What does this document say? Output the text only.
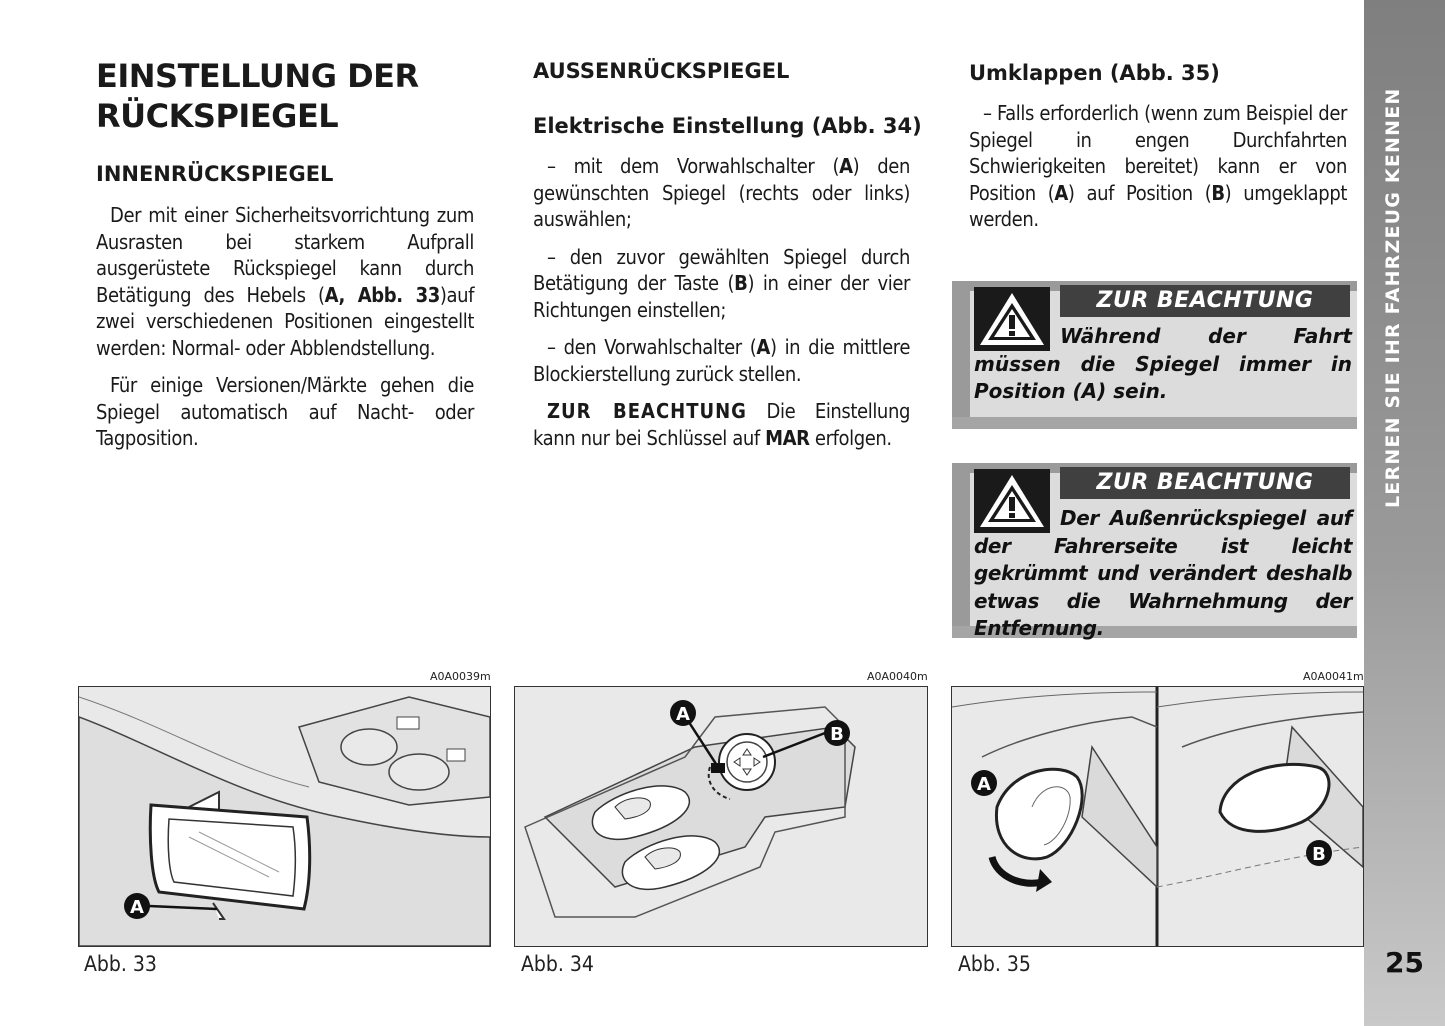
LERNEN SIE IHR FAHRZEUG KENNEN
25
EINSTELLUNG DER
RÜCKSPIEGEL
INNENRÜCKSPIEGEL

Der mit einer Sicherheitsvorrichtung zum Ausrasten bei starkem Aufprall ausgerüstete Rückspiegel kann durch Betätigung des Hebels (A, Abb. 33)auf zwei verschiedenen Positionen eingestellt werden: Normal- oder Abblendstellung.

Für einige Versionen/Märkte gehen die Spiegel automatisch auf Nacht- oder Tagposition.

AUSSENRÜCKSPIEGEL
Elektrische Einstellung (Abb. 34)

– mit dem Vorwahlschalter (A) den gewünschten Spiegel (rechts oder links) auswählen;

– den zuvor gewählten Spiegel durch Betätigung der Taste (B) in einer der vier Richtungen einstellen;

– den Vorwahlschalter (A) in die mittlere Blockierstellung zurück stellen.

ZUR BEACHTUNG Die Einstellung kann nur bei Schlüssel auf MAR erfolgen.

Umklappen (Abb. 35)

– Falls erforderlich (wenn zum Beispiel der Spiegel in engen Durchfahrten Schwierigkeiten bereitet) kann er von Position (A) auf Position (B) umgeklappt werden.

ZUR BEACHTUNG
Während der Fahrt müssen die Spiegel immer in Position (A) sein.
ZUR BEACHTUNG
Der Außenrückspiegel auf der Fahrerseite ist leicht gekrümmt und verändert deshalb etwas die Wahrnehmung der Entfernung.
A0A0039m
A
Abb. 33
A0A0040m
A
B
Abb. 34
A0A0041m
A
B
Abb. 35
